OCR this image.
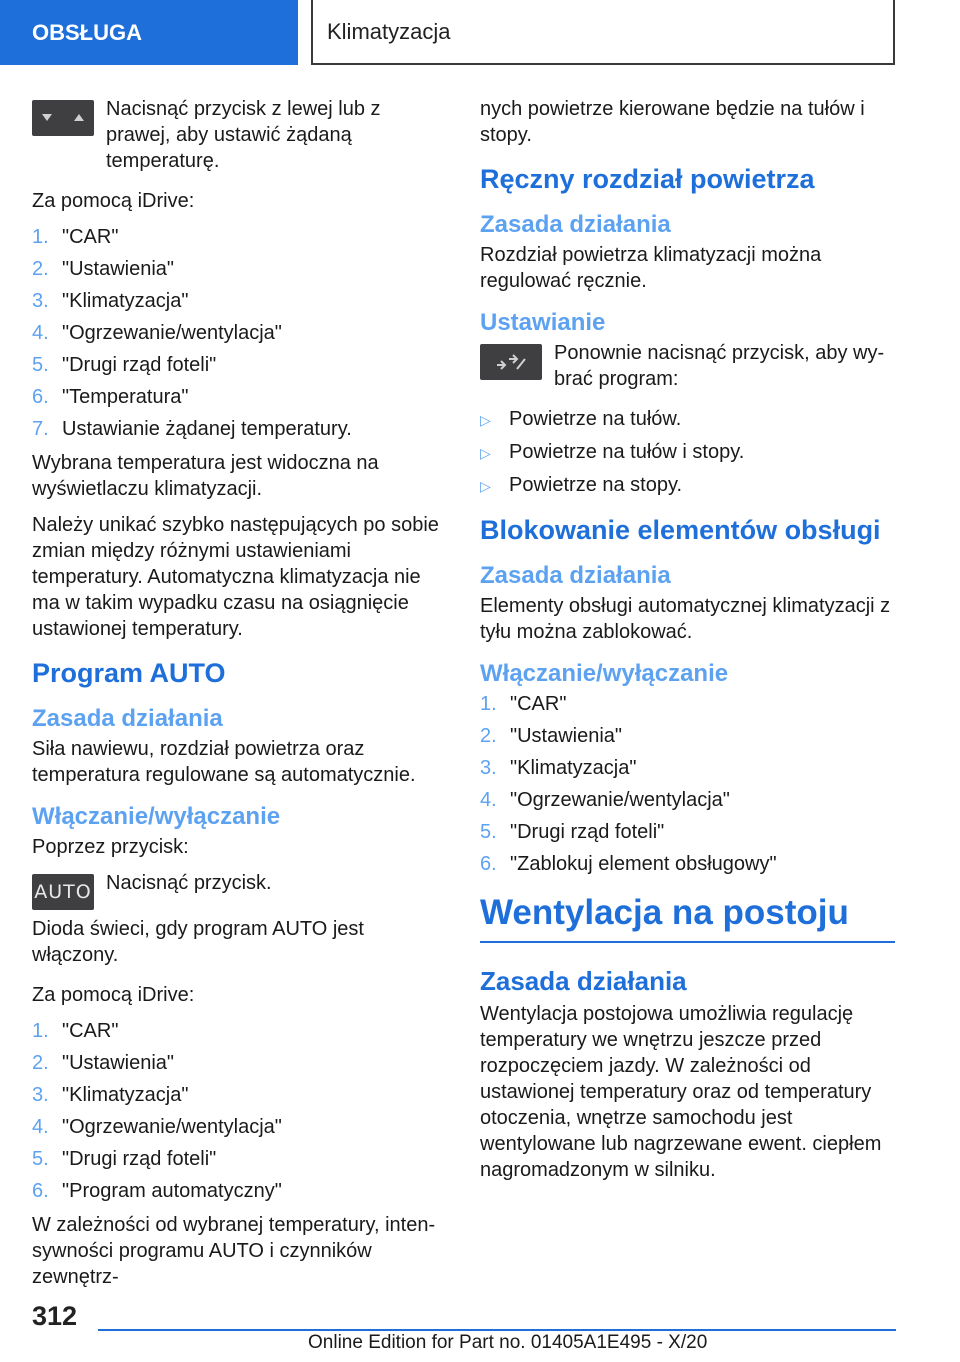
OBSŁUGA	Klimatyzacja

Nacisnąć przycisk z lewej lub z prawej, aby ustawić żądaną temperaturę.

Za pomocą iDrive:

1. "CAR"
2. "Ustawienia"
3. "Klimatyzacja"
4. "Ogrzewanie/wentylacja"
5. "Drugi rząd foteli"
6. "Temperatura"
7. Ustawianie żądanej temperatury.

Wybrana temperatura jest widoczna na wyświetlaczu klimatyzacji.

Należy unikać szybko następujących po sobie zmian między różnymi ustawieniami temperatury. Automatyczna klimatyzacja nie ma w takim wypadku czasu na osiągnięcie ustawionej temperatury.

Program AUTO
Zasada działania

Siła nawiewu, rozdział powietrza oraz temperatura regulowane są automatycznie.

Włączanie/wyłączanie

Poprzez przycisk:

AUTO Nacisnąć przycisk.

Dioda świeci, gdy program AUTO jest włączony.

Za pomocą iDrive:

1. "CAR"
2. "Ustawienia"
3. "Klimatyzacja"
4. "Ogrzewanie/wentylacja"
5. "Drugi rząd foteli"
6. "Program automatyczny"

W zależności od wybranej temperatury, intensywności programu AUTO i czynników zewnętrz-

nych powietrze kierowane będzie na tułów i stopy.

Ręczny rozdział powietrza
Zasada działania

Rozdział powietrza klimatyzacji można regulować ręcznie.

Ustawianie

Ponownie nacisnąć przycisk, aby wybrać program:

▷ Powietrze na tułów.
▷ Powietrze na tułów i stopy.
▷ Powietrze na stopy.
Blokowanie elementów obsługi
Zasada działania

Elementy obsługi automatycznej klimatyzacji z tyłu można zablokować.

Włączanie/wyłączanie
1. "CAR"
2. "Ustawienia"
3. "Klimatyzacja"
4. "Ogrzewanie/wentylacja"
5. "Drugi rząd foteli"
6. "Zablokuj element obsługowy"
Wentylacja na postoju
Zasada działania

Wentylacja postojowa umożliwia regulację temperatury we wnętrzu jeszcze przed rozpoczęciem jazdy. W zależności od ustawionej temperatury oraz od temperatury otoczenia, wnętrze samochodu jest wentylowane lub nagrzewane ewent. ciepłem nagromadzonym w silniku.

312
Online Edition for Part no. 01405A1E495 - X/20
